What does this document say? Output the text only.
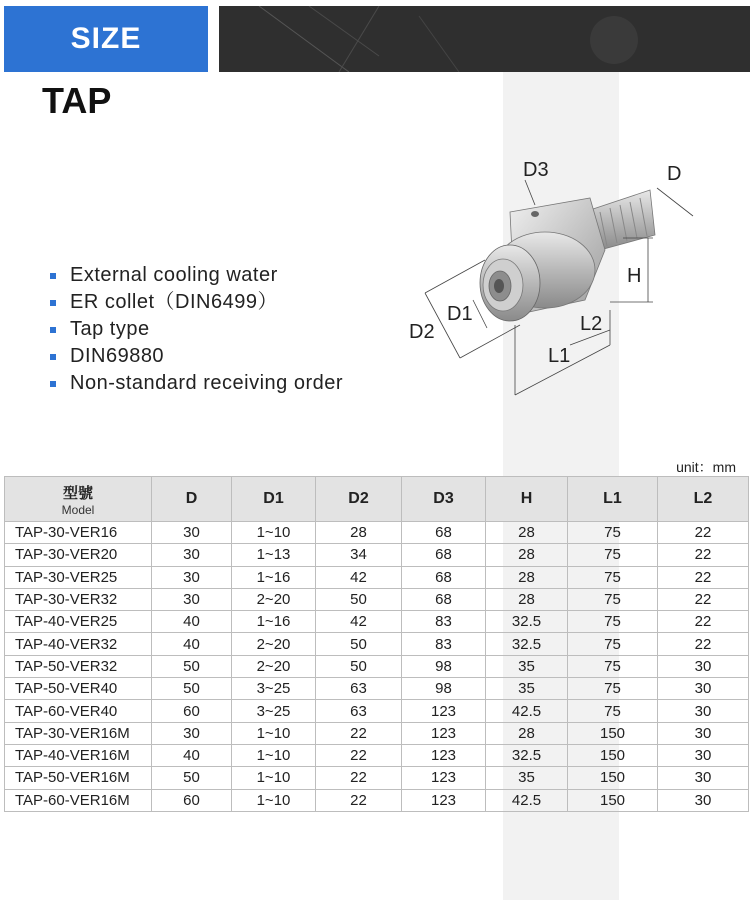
SIZE
TAP
External cooling water
ER collet（DIN6499）
Tap type
DIN69880
Non-standard receiving order
D3	D
H
D1	L2
D2
L1
unit：mm
型號
Model	D	D1	D2	D3	H	L1	L2
TAP-30-VER16	30	1~10	28	68	28	75	22
TAP-30-VER20	30	1~13	34	68	28	75	22
TAP-30-VER25	30	1~16	42	68	28	75	22
TAP-30-VER32	30	2~20	50	68	28	75	22
TAP-40-VER25	40	1~16	42	83	32.5	75	22
TAP-40-VER32	40	2~20	50	83	32.5	75	22
TAP-50-VER32	50	2~20	50	98	35	75	30
TAP-50-VER40	50	3~25	63	98	35	75	30
TAP-60-VER40	60	3~25	63	123	42.5	75	30
TAP-30-VER16M	30	1~10	22	123	28	150	30
TAP-40-VER16M	40	1~10	22	123	32.5	150	30
TAP-50-VER16M	50	1~10	22	123	35	150	30
TAP-60-VER16M	60	1~10	22	123	42.5	150	30
